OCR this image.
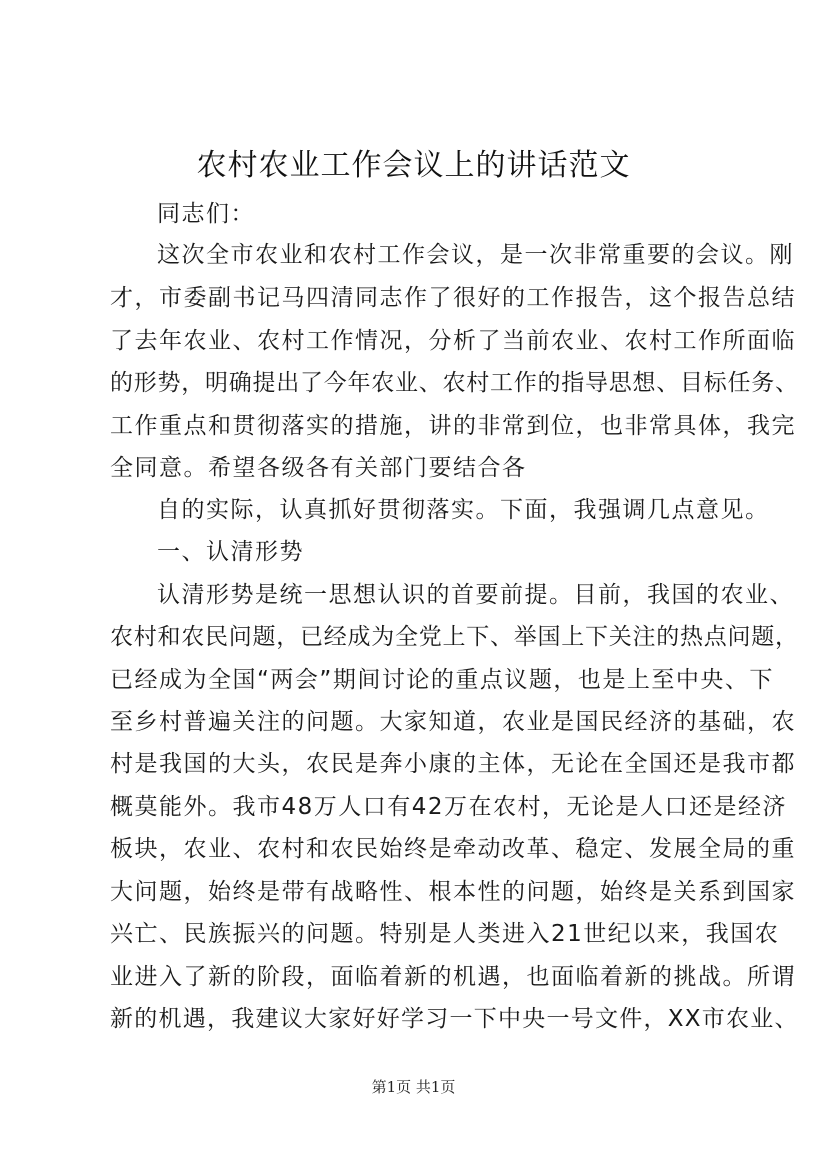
农村农业工作会议上的讲话范文
同志们：
这次全市农业和农村工作会议，是一次非常重要的会议。刚
才，市委副书记马四清同志作了很好的工作报告，这个报告总结
了去年农业、农村工作情况，分析了当前农业、农村工作所面临
的形势，明确提出了今年农业、农村工作的指导思想、目标任务、
工作重点和贯彻落实的措施，讲的非常到位，也非常具体，我完
全同意。希望各级各有关部门要结合各
自的实际，认真抓好贯彻落实。下面，我强调几点意见。
一、认清形势
认清形势是统一思想认识的首要前提。目前，我国的农业、
农村和农民问题，已经成为全党上下、举国上下关注的热点问题，
已经成为全国“两会”期间讨论的重点议题，也是上至中央、下
至乡村普遍关注的问题。大家知道，农业是国民经济的基础，农
村是我国的大头，农民是奔小康的主体，无论在全国还是我市都
概莫能外。我市48万人口有42万在农村，无论是人口还是经济
板块，农业、农村和农民始终是牵动改革、稳定、发展全局的重
大问题，始终是带有战略性、根本性的问题，始终是关系到国家
兴亡、民族振兴的问题。特别是人类进入21世纪以来，我国农
业进入了新的阶段，面临着新的机遇，也面临着新的挑战。所谓
新的机遇，我建议大家好好学习一下中央一号文件，XX市农业、
第1页 共1页
